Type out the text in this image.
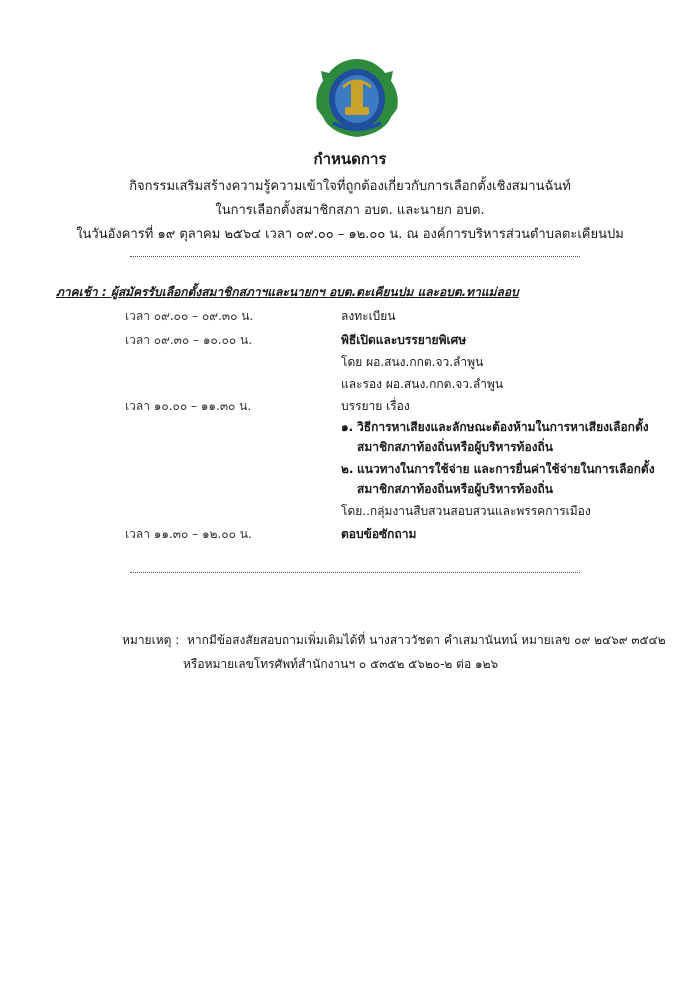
กำหนดการ
กิจกรรมเสริมสร้างความรู้ความเข้าใจที่ถูกต้องเกี่ยวกับการเลือกตั้งเชิงสมานฉันท์
ในการเลือกตั้งสมาชิกสภา อบต. และนายก อบต.
ในวันอังคารที่ ๑๙ ตุลาคม ๒๕๖๔ เวลา ๐๙.๐๐ – ๑๒.๐๐ น. ณ องค์การบริหารส่วนตำบลตะเคียนปม
ภาคเช้า : ผู้สมัครรับเลือกตั้งสมาชิกสภาฯและนายกฯ อบต.ตะเคียนปม และอบต.ทาแม่ลอบ
เวลา ๐๙.๐๐ – ๐๙.๓๐ น.	ลงทะเบียน
เวลา ๐๙.๓๐ – ๑๐.๐๐ น.	พิธีเปิดและบรรยายพิเศษ
โดย ผอ.สนง.กกต.จว.ลำพูน
และรอง ผอ.สนง.กกต.จว.ลำพูน
เวลา ๑๐.๐๐ – ๑๑.๓๐ น.	บรรยาย เรื่อง
๑. วิธีการหาเสียงและลักษณะต้องห้ามในการหาเสียงเลือกตั้ง
สมาชิกสภาท้องถิ่นหรือผู้บริหารท้องถิ่น
๒. แนวทางในการใช้จ่าย และการยื่นค่าใช้จ่ายในการเลือกตั้ง
สมาชิกสภาท้องถิ่นหรือผู้บริหารท้องถิ่น
โดย..กลุ่มงานสืบสวนสอบสวนและพรรคการเมือง
เวลา ๑๑.๓๐ – ๑๒.๐๐ น.	ตอบข้อซักถาม
หมายเหตุ : หากมีข้อสงสัยสอบถามเพิ่มเติมได้ที่ นางสาววัชตา คำเสมานันทน์ หมายเลข ๐๙ ๒๔๖๙ ๓๕๔๒
หรือหมายเลขโทรศัพท์สำนักงานฯ ๐ ๕๓๕๒ ๕๖๒๐-๒ ต่อ ๑๒๖
